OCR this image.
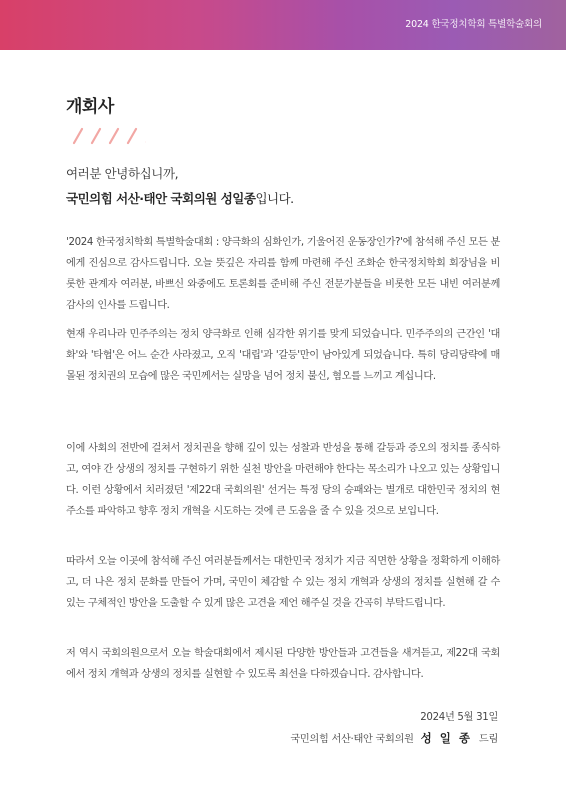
2024 한국정치학회 특별학술회의
개회사
여러분 안녕하십니까,
국민의힘 서산·태안 국회의원 성일종입니다.

'2024 한국정치학회 특별학술대회 : 양극화의 심화인가, 기울어진 운동장인가?'에 참석해 주신 모든 분에게 진심으로 감사드립니다. 오늘 뜻깊은 자리를 함께 마련해 주신 조화순 한국정치학회 회장님을 비롯한 관계자 여러분, 바쁘신 와중에도 토론회를 준비해 주신 전문가분들을 비롯한 모든 내빈 여러분께 감사의 인사를 드립니다.

현재 우리나라 민주주의는 정치 양극화로 인해 심각한 위기를 맞게 되었습니다. 민주주의의 근간인 '대화'와 '타협'은 어느 순간 사라졌고, 오직 '대립'과 '갈등'만이 남아있게 되었습니다. 특히 당리당략에 매몰된 정치권의 모습에 많은 국민께서는 실망을 넘어 정치 불신, 혐오를 느끼고 계십니다.

이에 사회의 전반에 걸쳐서 정치권을 향해 깊이 있는 성찰과 반성을 통해 갈등과 증오의 정치를 종식하고, 여야 간 상생의 정치를 구현하기 위한 실천 방안을 마련해야 한다는 목소리가 나오고 있는 상황입니다. 이런 상황에서 치러졌던 '제22대 국회의원' 선거는 특정 당의 승패와는 별개로 대한민국 정치의 현주소를 파악하고 향후 정치 개혁을 시도하는 것에 큰 도움을 줄 수 있을 것으로 보입니다.

따라서 오늘 이곳에 참석해 주신 여러분들께서는 대한민국 정치가 지금 직면한 상황을 정확하게 이해하고, 더 나은 정치 문화를 만들어 가며, 국민이 체감할 수 있는 정치 개혁과 상생의 정치를 실현해 갈 수 있는 구체적인 방안을 도출할 수 있게 많은 고견을 제언 해주실 것을 간곡히 부탁드립니다.

저 역시 국회의원으로서 오늘 학술대회에서 제시된 다양한 방안들과 고견들을 새겨듣고, 제22대 국회에서 정치 개혁과 상생의 정치를 실현할 수 있도록 최선을 다하겠습니다. 감사합니다.

2024년 5월 31일
국민의힘 서산·태안 국회의원 성 일 종 드림
